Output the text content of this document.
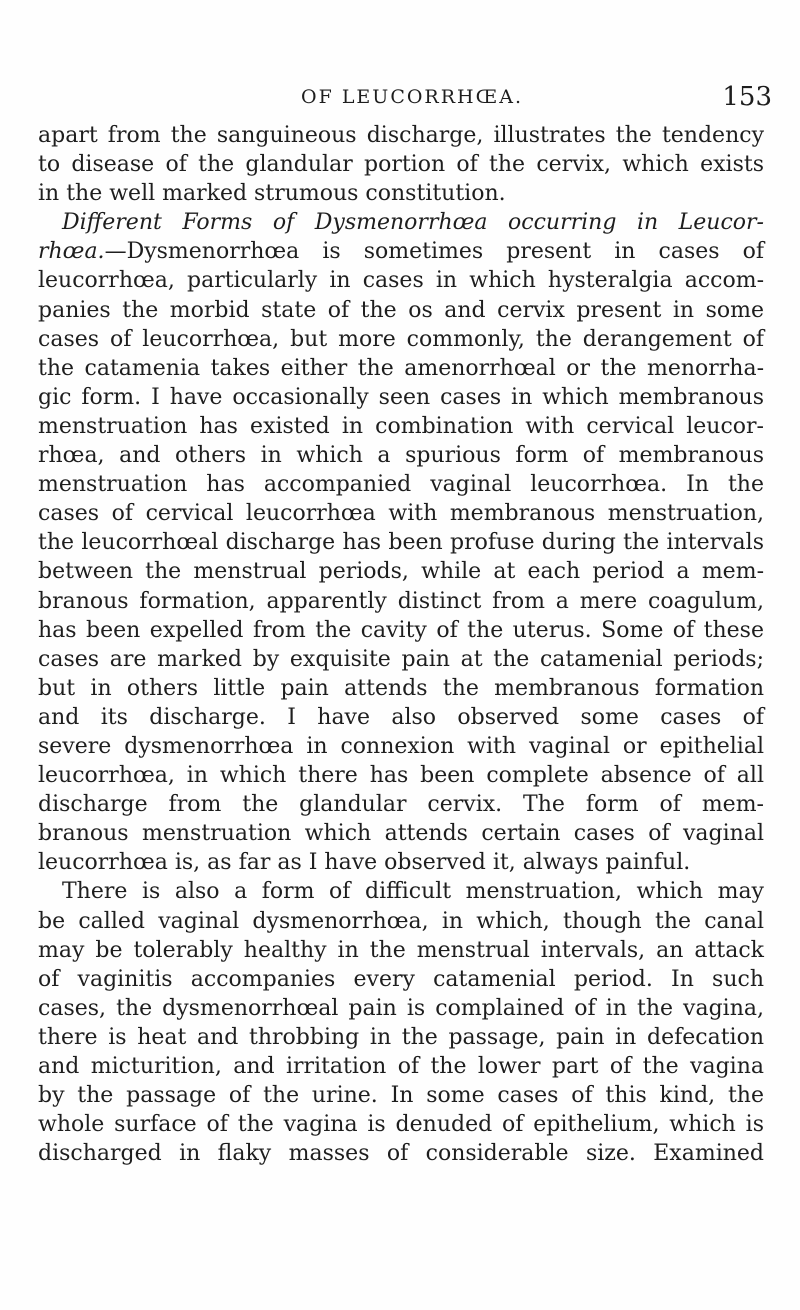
OF LEUCORRHŒA.	153
apart from the sanguineous discharge, illustrates the tendency
to disease of the glandular portion of the cervix, which exists
in the well marked strumous constitution.
Different Forms of Dysmenorrhœa occurring in Leucor-
rhœa.—Dysmenorrhœa is sometimes present in cases of
leucorrhœa, particularly in cases in which hysteralgia accom-
panies the morbid state of the os and cervix present in some
cases of leucorrhœa, but more commonly, the derangement of
the catamenia takes either the amenorrhœal or the menorrha-
gic form. I have occasionally seen cases in which membranous
menstruation has existed in combination with cervical leucor-
rhœa, and others in which a spurious form of membranous
menstruation has accompanied vaginal leucorrhœa. In the
cases of cervical leucorrhœa with membranous menstruation,
the leucorrhœal discharge has been profuse during the intervals
between the menstrual periods, while at each period a mem-
branous formation, apparently distinct from a mere coagulum,
has been expelled from the cavity of the uterus. Some of these
cases are marked by exquisite pain at the catamenial periods;
but in others little pain attends the membranous formation
and its discharge. I have also observed some cases of
severe dysmenorrhœa in connexion with vaginal or epithelial
leucorrhœa, in which there has been complete absence of all
discharge from the glandular cervix. The form of mem-
branous menstruation which attends certain cases of vaginal
leucorrhœa is, as far as I have observed it, always painful.
There is also a form of difficult menstruation, which may
be called vaginal dysmenorrhœa, in which, though the canal
may be tolerably healthy in the menstrual intervals, an attack
of vaginitis accompanies every catamenial period. In such
cases, the dysmenorrhœal pain is complained of in the vagina,
there is heat and throbbing in the passage, pain in defecation
and micturition, and irritation of the lower part of the vagina
by the passage of the urine. In some cases of this kind, the
whole surface of the vagina is denuded of epithelium, which is
discharged in flaky masses of considerable size. Examined
